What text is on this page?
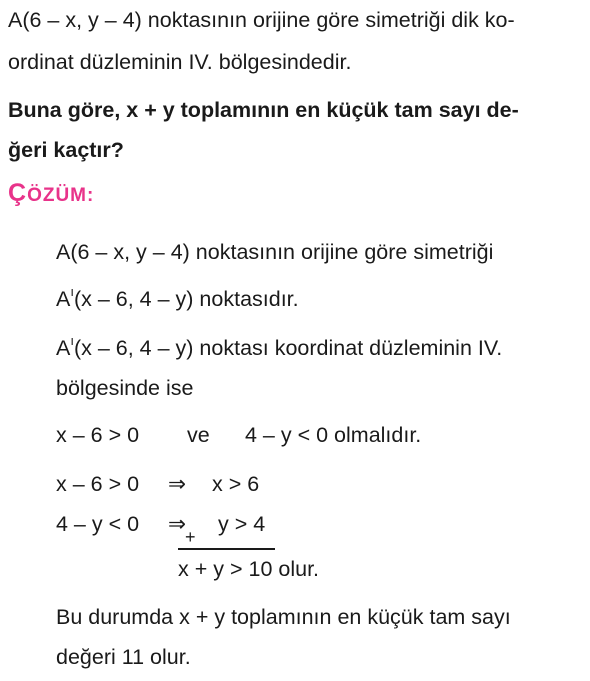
A(6 – x, y – 4) noktasının orijine göre simetriği dik ko-
ordinat düzleminin IV. bölgesindedir.
Buna göre, x + y toplamının en küçük tam sayı de-
ğeri kaçtır?
ÇÖZÜM:
A(6 – x, y – 4) noktasının orijine göre simetriği
$A^ı(x - 6$, 4 – y) noktasıdır.
$A^ı(x - 6$, 4 – y) noktası koordinat düzleminin IV.
bölgesinde ise
x – 6 > 0 ve 4 – y < 0 olmalıdır.
x – 6 > 0 ⇒ x > 6
4 – y < 0 ⇒ y > 4
+
x + y > 10 olur.
Bu durumda x + y toplamının en küçük tam sayı
değeri 11 olur.
